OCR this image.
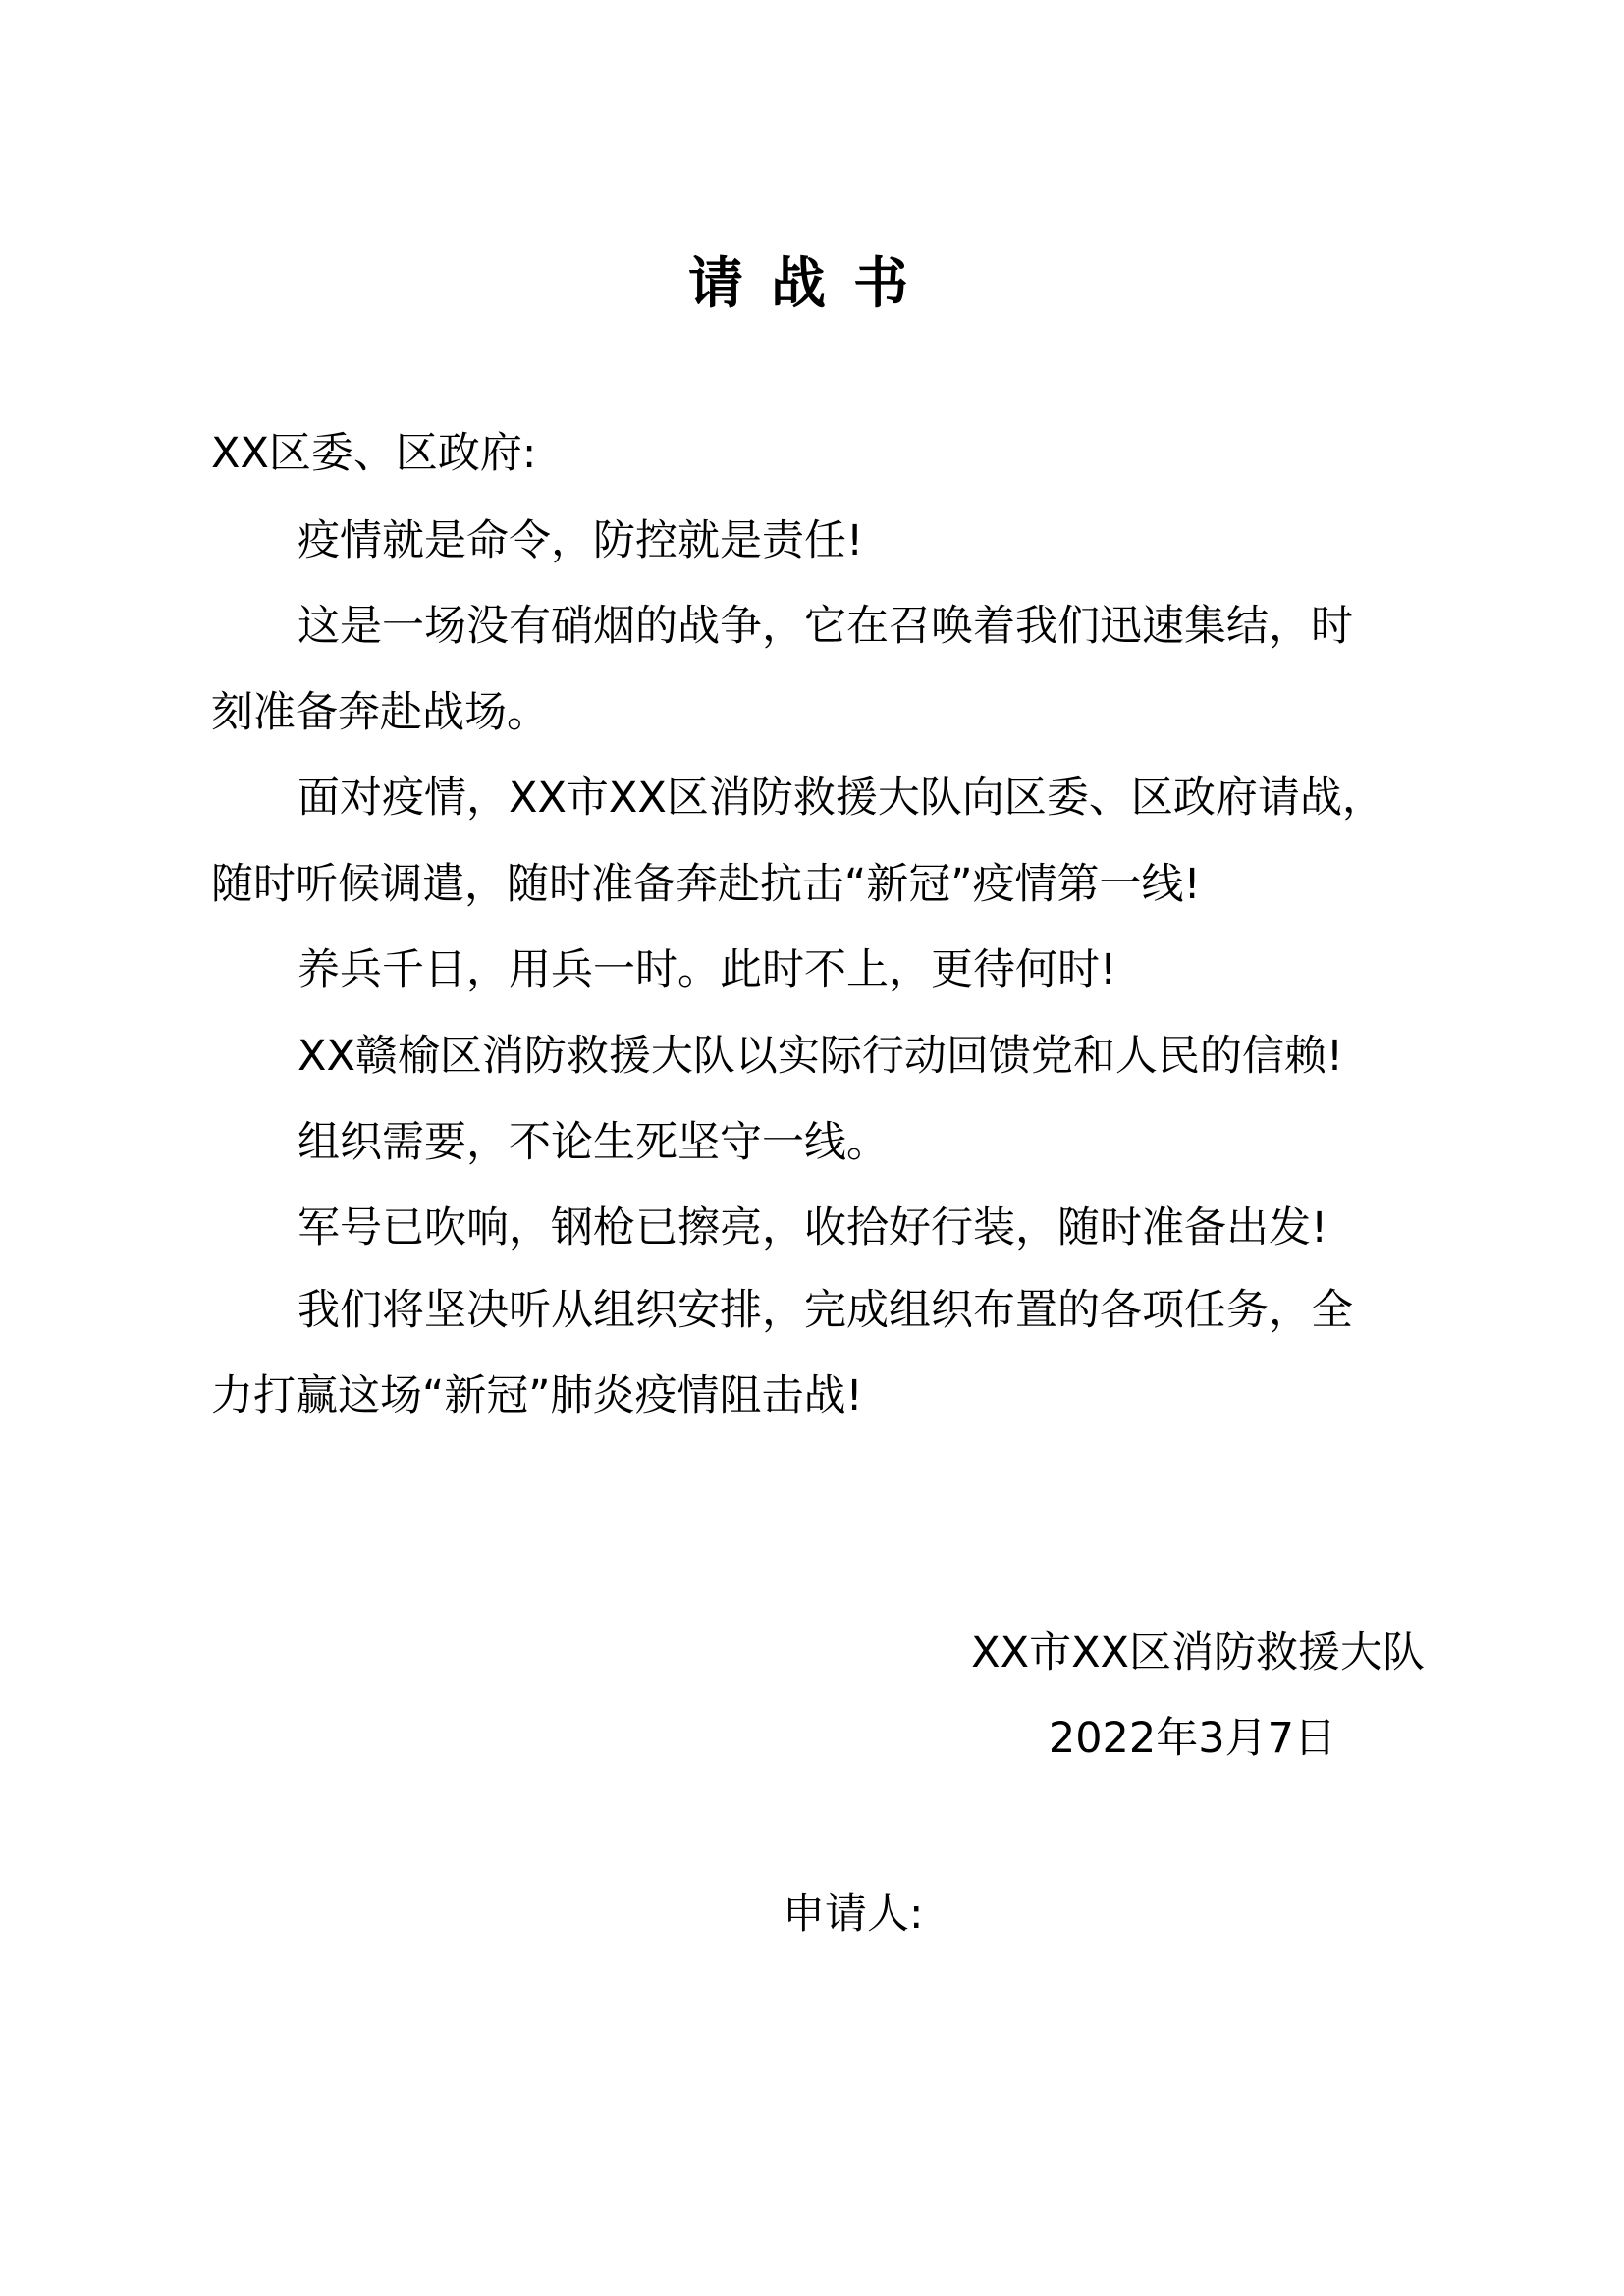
请战书
XX区委、区政府:
疫情就是命令，防控就是责任!
这是一场没有硝烟的战争，它在召唤着我们迅速集结，时
刻准备奔赴战场。
面对疫情，XX市XX区消防救援大队向区委、区政府请战，
随时听候调遣，随时准备奔赴抗击“新冠”疫情第一线!
养兵千日，用兵一时。此时不上，更待何时!
XX赣榆区消防救援大队以实际行动回馈党和人民的信赖!
组织需要，不论生死坚守一线。
军号已吹响，钢枪已擦亮，收拾好行装，随时准备出发!
我们将坚决听从组织安排，完成组织布置的各项任务，全
力打赢这场“新冠”肺炎疫情阻击战!
XX市XX区消防救援大队
2022年3月7日
申请人:
